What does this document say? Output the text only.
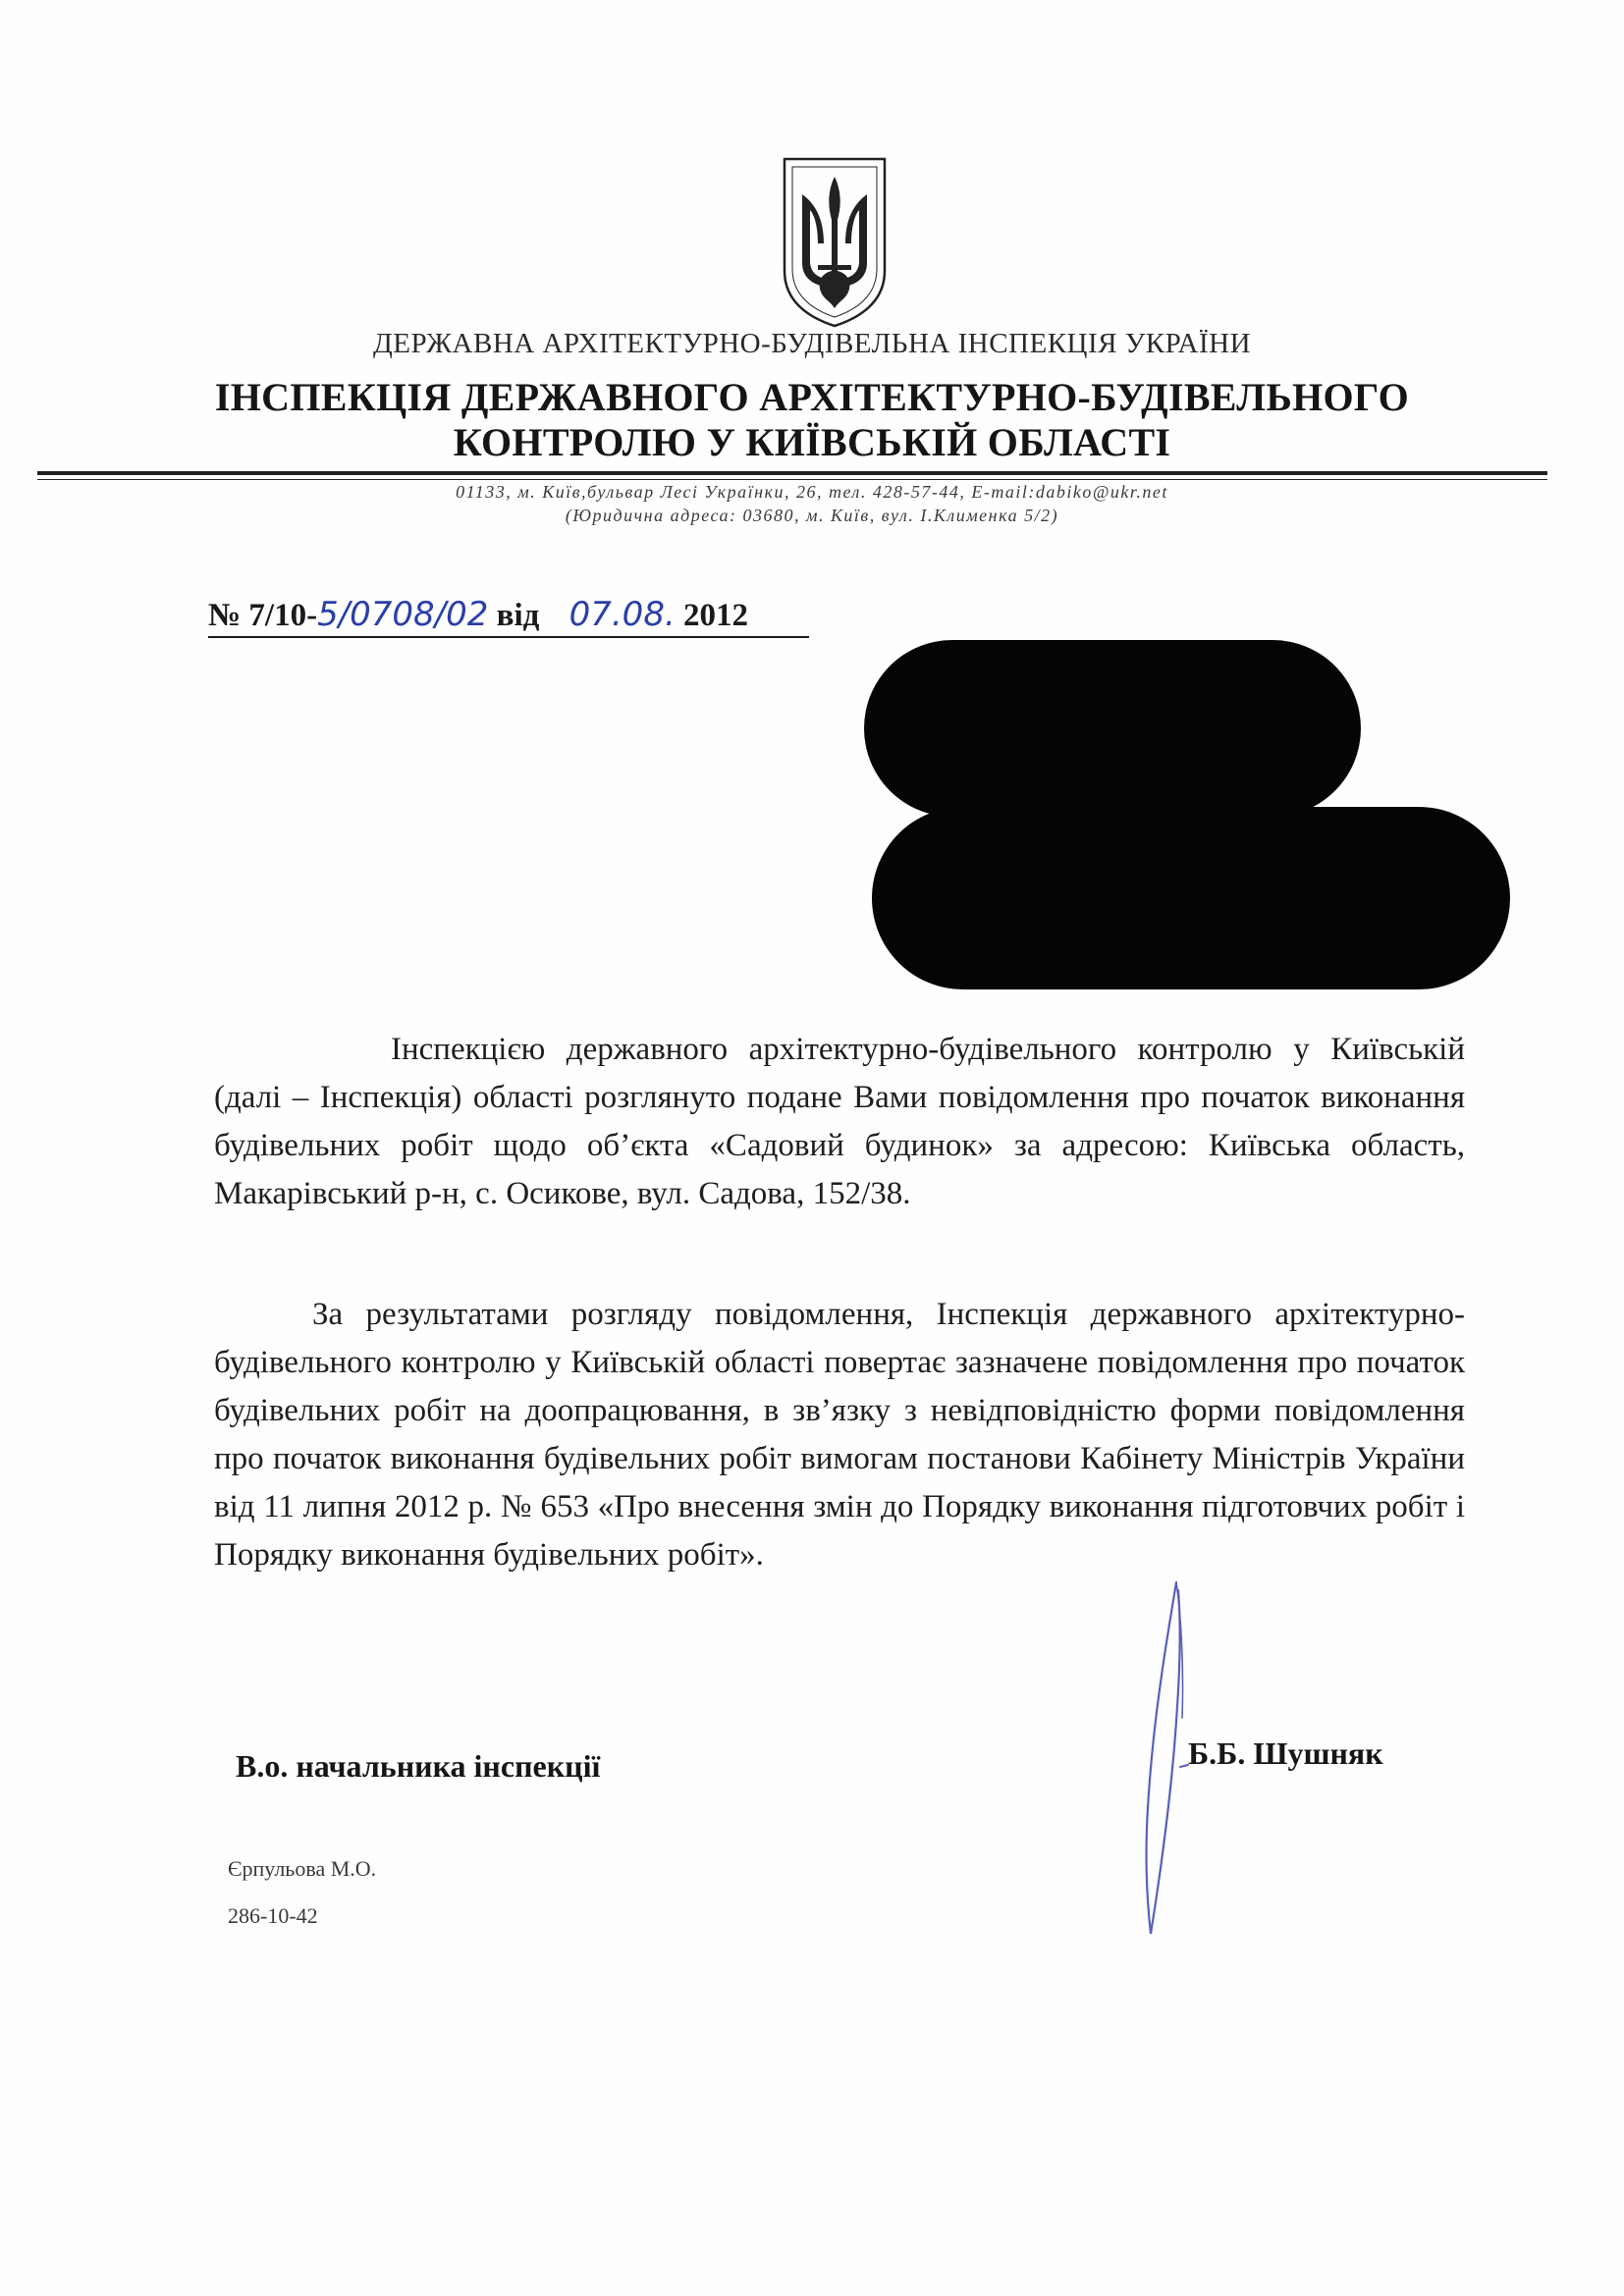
ДЕРЖАВНА АРХІТЕКТУРНО-БУДІВЕЛЬНА ІНСПЕКЦІЯ УКРАЇНИ
ІНСПЕКЦІЯ ДЕРЖАВНОГО АРХІТЕКТУРНО-БУДІВЕЛЬНОГО
КОНТРОЛЮ У КИЇВСЬКІЙ ОБЛАСТІ
01133, м. Київ,бульвар Лесі Українки, 26, тел. 428-57-44, E-mail:dabiko@ukr.net
(Юридична адреса: 03680, м. Київ, вул. І.Клименка 5/2)
№ 7/10-5/0708/02 від 07.08. 2012
Інспекцією державного архітектурно-будівельного контролю у Київській (далі – Інспекція) області розглянуто подане Вами повідомлення про початок виконання будівельних робіт щодо об’єкта «Садовий будинок» за адресою: Київська область, Макарівський р-н, с. Осикове, вул. Садова, 152/38.
За результатами розгляду повідомлення, Інспекція державного архітектурно-будівельного контролю у Київській області повертає зазначене повідомлення про початок будівельних робіт на доопрацювання, в зв’язку з невідповідністю форми повідомлення про початок виконання будівельних робіт вимогам постанови Кабінету Міністрів України від 11 липня 2012 р. № 653 «Про внесення змін до Порядку виконання підготовчих робіт і Порядку виконання будівельних робіт».
В.о. начальника інспекції	Б.Б. Шушняк
Єрпульова М.О.
286-10-42
